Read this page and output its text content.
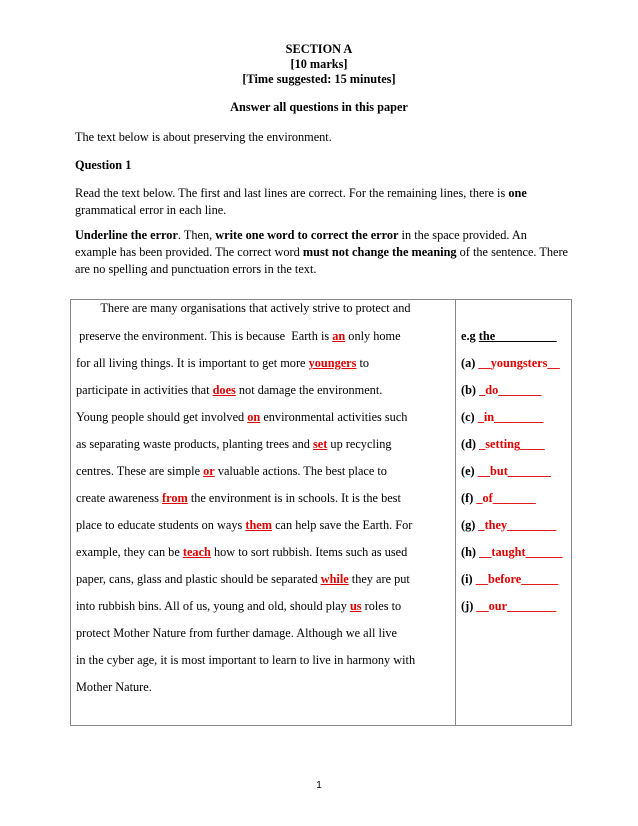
SECTION A
[10 marks]
[Time suggested: 15 minutes]
Answer all questions in this paper
The text below is about preserving the environment.
Question 1
Read the text below. The first and last lines are correct. For the remaining lines, there is one grammatical error in each line.
Underline the error. Then, write one word to correct the error in the space provided. An example has been provided. The correct word must not change the meaning of the sentence. There are no spelling and punctuation errors in the text.
There are many organisations that actively strive to protect and
preserve the environment. This is because  Earth is an only home
for all living things. It is important to get more youngers to
participate in activities that does not damage the environment.
Young people should get involved on environmental activities such
as separating waste products, planting trees and set up recycling
centres. These are simple or valuable actions. The best place to
create awareness from the environment is in schools. It is the best
place to educate students on ways them can help save the Earth. For
example, they can be teach how to sort rubbish. Items such as used
paper, cans, glass and plastic should be separated while they are put
into rubbish bins. All of us, young and old, should play us roles to
protect Mother Nature from further damage. Although we all live
in the cyber age, it is most important to learn to live in harmony with
Mother Nature.
e.g the__________
(a) __youngsters__
(b) _do_______
(c) _in________
(d) _setting____
(e) __but_______
(f) _of_______
(g) _they________
(h) __taught______
(i) __before______
(j) __our________
1
